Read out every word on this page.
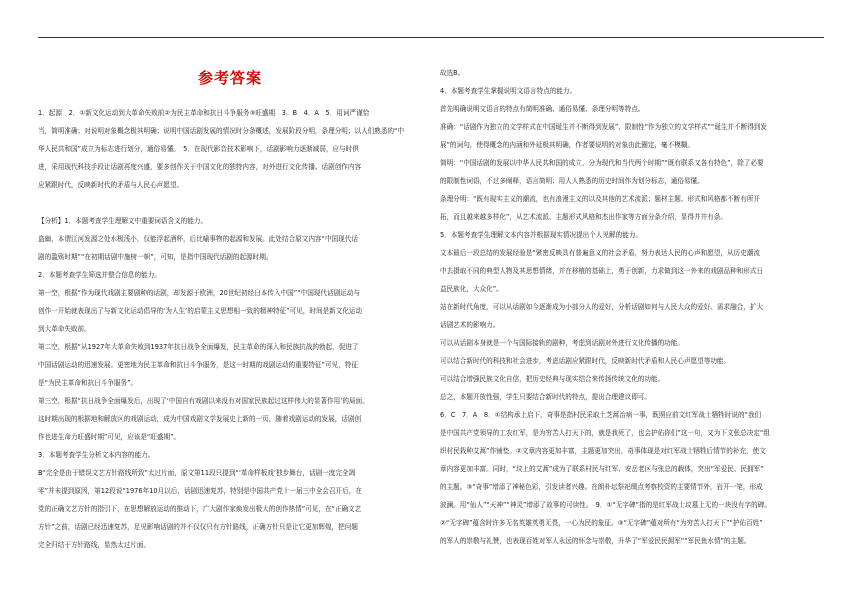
参考答案
1．起源　2．①新文化运动到大革命失败前②为民主革命和抗日斗争服务③旺盛期　3．B　4．A　5．用词严谨恰
当，简明准确；对说明对象概念极其明确；说明中国话剧发展的情况时分条概述，发展阶段分明，条理分明；以人们熟悉的“中
华人民共和国”成立为标志进行划分，通俗易懂。　5．在现代影音技术影响下，话剧影响力逐渐减弱，应与时俱
进，采用现代科技手段让话剧再度兴盛，要多创作关于中国文化的独特内容，对外进行文化传播。话剧创作内容
应紧跟时代，反映新时代的矛盾与人民心声愿望。
【分析】1．本题考查学生理解文中重要词语含义的能力。
盗幽，本谓江河发源之处水极浅小，仅能浮起酒杯，后比喻事物的起源和发展。此处结合原文内容“中国现代话
剧的滥殇时期”“在初期话剧中施树一帜”，可知，是指中国现代话剧的起源时期。
2．本题考查学生筛选并整合信息的能力。
第一空，根据“作为现代戏剧主要剧种的话剧，却发源于欧洲，20世纪初经日本传入中国”“中国现代话剧运动与
创作一开始就表现出了与新文化运动倡导的‘为人生’的启蒙主义思想相一致的精神特征”可见，时间是新文化运动
到大革命失败前。
第二空，根据“从1927年大革命失败到1937年抗日战争全面爆发，民主革命的深入和民族抗战的勃起，促进了
中国话剧运动的迅速发展。更密地为民主革命和抗日斗争服务，是这一时期的戏剧运动的重要特征”可见，特征
是“为民主革命和抗日斗争服务”。
第三空，根据“抗日战争全面爆发后，出现了‘中国自有戏剧以来没有对国家民族起过这样伟大的显著作用’的局面。
这时期出现的根据地和解放区的戏剧运动，成为中国戏剧文学发展史上新的一页，随着戏剧运动的发展，话剧创
作也进生命力旺盛时期”可见，应该是“旺盛期”。
3．本题考查学生分析文本内容的能力。
B“完全是由于错误文艺方针路线所致”太过片面，原文第11段只提到“‘革命样板戏’独步舞台，话剧一度完全凋
零”并未提到原因，第12段说“1976年10月以后，话剧迅速复苏，特别是中国共产党十一届三中全会召开后，在
党的正确文艺方针的指引下，在思想解放运动的推动下，广大剧作家焕发出极大的创作热情”可见，在“正确文艺
方针”之前，话剧已经迅速复苏，足见影响话剧的并不仅仅只有方针路线，正确方针只是让它更加辉煌，把问题
完全归结于方针路线，显然太过片面。
故选B。
4．本题考查学生掌握说明文语言特点的能力。
首先明确说明文语言的特点有简明准确、通俗易懂、条理分明等特点。
准确：“话剧作为独立的文学样式在中国诞生并不断得到发展”，限制性“作为独立的文学样式”“诞生并不断得到发
展”的词句，使得概念的内涵和外延极其明确，作者要说明的对象由此圈定，毫不模糊。
简明：“中国话剧的发展以中华人民共和国的成立，分为现代和当代两个时期”“既有联系又各有特色”，除了必要
的限制性词语，不过多阐释，语言简明；用人人熟悉的历史时间作为划分标志，通俗易懂。
条理分明：“既有现实主义的潮流，也有浪漫主义的以及其他的艺术流派；题材主题、形式和风格都不断有所开
拓，而且越来越多样化”，从艺术流派、主题形式风格和杰出作家等方面分条介绍，显得井井有条。
5．本题考查学生理解文本内容并根据现实情况提出个人见解的能力。
文本最后一段总结的发展经验是“紧密反映具有普遍意义的社会矛盾，努力表达人民的心声和愿望，从历史潮流
中去摄取不同的典型人物及其思想情绪，并在移植的基础上，勇于创新，力求做到这一外来的戏剧品种和形式日
益民族化，大众化”。
站在新时代角度，可以从话剧如今逐渐成为小部分人的爱好，分析话剧如何与人民大众的爱好、需求融合，扩大
话剧艺术的影响力。
可以从话剧本身就是一个与国际接轨的剧种，考虑到话剧对外进行文化传播的功能。
可以结合新时代的科技和社会进步，考虑话剧应紧跟时代，反映新时代矛盾和人民心声愿望等功能。
可以结合增强民族文化自信，把历史经典与现实结合来传扬传统文化的功能。
总之，本题开放性强，学生只要结合新时代的特点，提出合理建议即可。
6．C　7．A　8．①结构承上启下，奇事是指村民采取土芝蒿治病一事，既照应前文红军战士牺牲时说的“我们
是中国共产党领导的工农红军，是为穷苦人打天下的，就是我死了，也会护佑你们”这一句，又为下文张总决定“组
织村民栽种艾蒿”作铺垫。②文章内容更加丰富，主题更加突出，奇事体现是对红军战士牺牲后情节的补充，使文
章内容更加丰富。同时，“坟上的艾蒿”成为了联系村民与红军、安岳老区与张总的载体，突出“军爱民、民拥军”
的主题。③“奇事”增添了神秘色彩，引发读者兴趣。在朗朴坛祭祀缀点考察校资的主要情节外，岩开一笔，形成
波澜。用“仙人”“天神”“神灵”增添了故事的可读性。　9．①“无字碑”指的是红军战士坟墓上无的一块没有字的碑。
②“无字碑”蕴含时许多无名英雄英勇无畏，一心为民的象征。③“无字碑”蕴对所有“为穷苦人打天下”“护佑百姓”
的军人的崇敬与礼赞，也表现百姓对军人永远的怀念与崇敬，升华了“军爱民民拥军”“军民鱼水情”的主题。
